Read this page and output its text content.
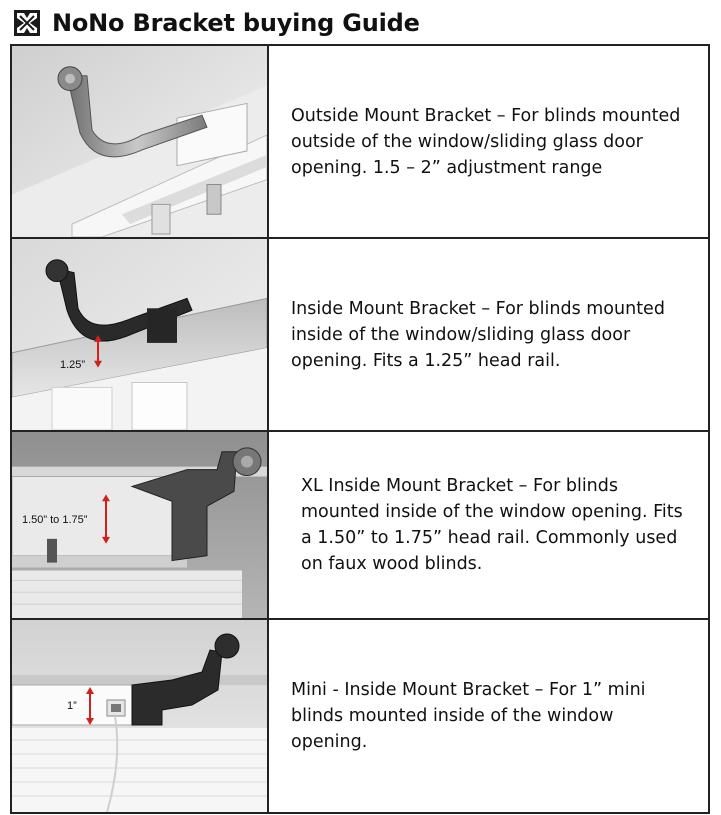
NoNo Bracket buying Guide
Outside Mount Bracket – For blinds mounted outside of the window/sliding glass door opening. 1.5 – 2” adjustment range
1.25”
Inside Mount Bracket – For blinds mounted inside of the window/sliding glass door opening. Fits a 1.25” head rail.
1.50” to 1.75”
XL Inside Mount Bracket – For blinds mounted inside of the window opening. Fits a 1.50” to 1.75” head rail. Commonly used on faux wood blinds.
1”
Mini - Inside Mount Bracket – For 1” mini blinds mounted inside of the window opening.
